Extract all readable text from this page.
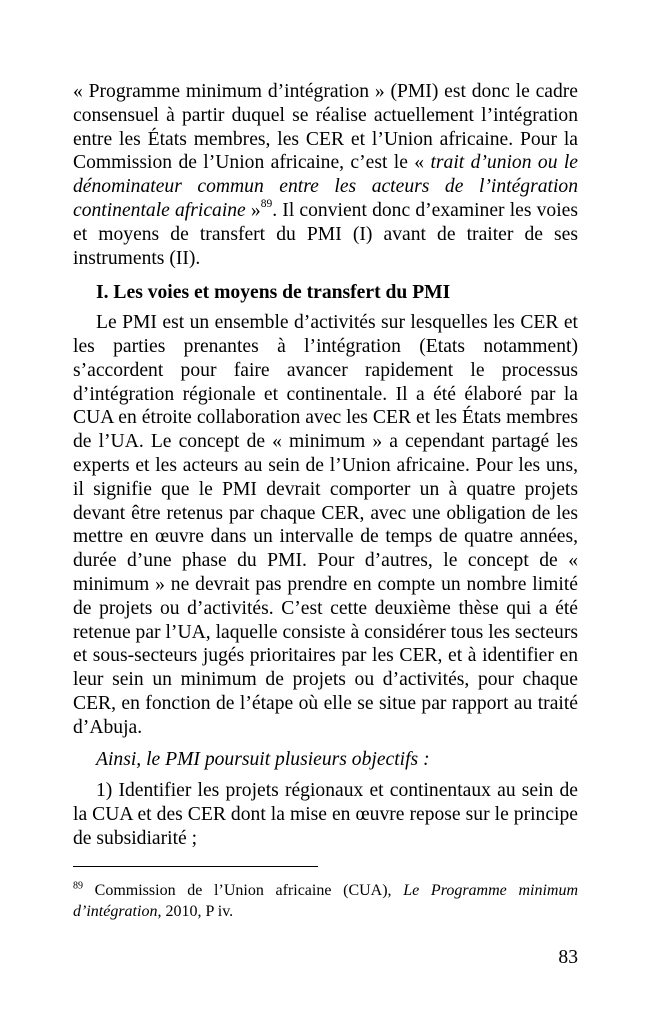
« Programme minimum d’intégration » (PMI) est donc le cadre consensuel à partir duquel se réalise actuellement l’intégration entre les États membres, les CER et l’Union africaine. Pour la Commission de l’Union africaine, c’est le « trait d’union ou le dénominateur commun entre les acteurs de l’intégration continentale africaine »$^{89}$. Il convient donc d’examiner les voies et moyens de transfert du PMI (I) avant de traiter de ses instruments (II).

I. Les voies et moyens de transfert du PMI

Le PMI est un ensemble d’activités sur lesquelles les CER et les parties prenantes à l’intégration (Etats notamment) s’accordent pour faire avancer rapidement le processus d’intégration régionale et continentale. Il a été élaboré par la CUA en étroite collaboration avec les CER et les États membres de l’UA. Le concept de « minimum » a cependant partagé les experts et les acteurs au sein de l’Union africaine. Pour les uns, il signifie que le PMI devrait comporter un à quatre projets devant être retenus par chaque CER, avec une obligation de les mettre en œuvre dans un intervalle de temps de quatre années, durée d’une phase du PMI. Pour d’autres, le concept de « minimum » ne devrait pas prendre en compte un nombre limité de projets ou d’activités. C’est cette deuxième thèse qui a été retenue par l’UA, laquelle consiste à considérer tous les secteurs et sous-secteurs jugés prioritaires par les CER, et à identifier en leur sein un minimum de projets ou d’activités, pour chaque CER, en fonction de l’étape où elle se situe par rapport au traité d’Abuja.

Ainsi, le PMI poursuit plusieurs objectifs :

1) Identifier les projets régionaux et continentaux au sein de la CUA et des CER dont la mise en œuvre repose sur le principe de subsidiarité ;

$^{89}$ Commission de l’Union africaine (CUA), Le Programme minimum d’intégration, 2010, P iv.

83
